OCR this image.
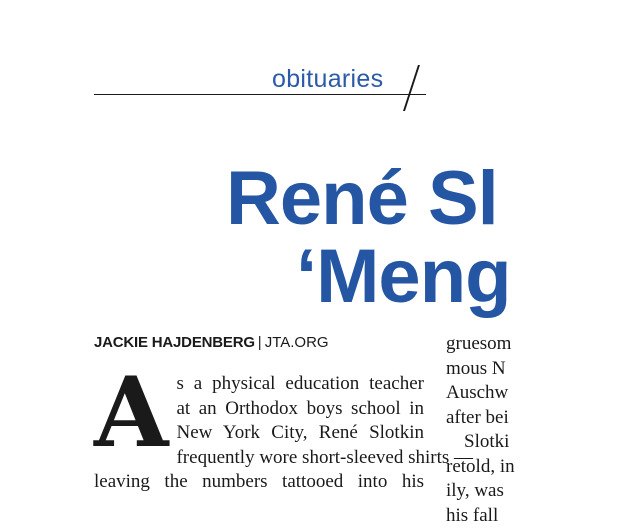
obituaries
René Sl
‘Meng
JACKIE HAJDENBERG | JTA.ORG
A s a physical education teacher
at an Orthodox boys school in
New York City, René Slotkin
frequently wore short-sleeved shirts —
leaving the numbers tattooed into his
gruesom
mous N
Auschw
after bei
Slotki
retold, in
ily, was
his fall
